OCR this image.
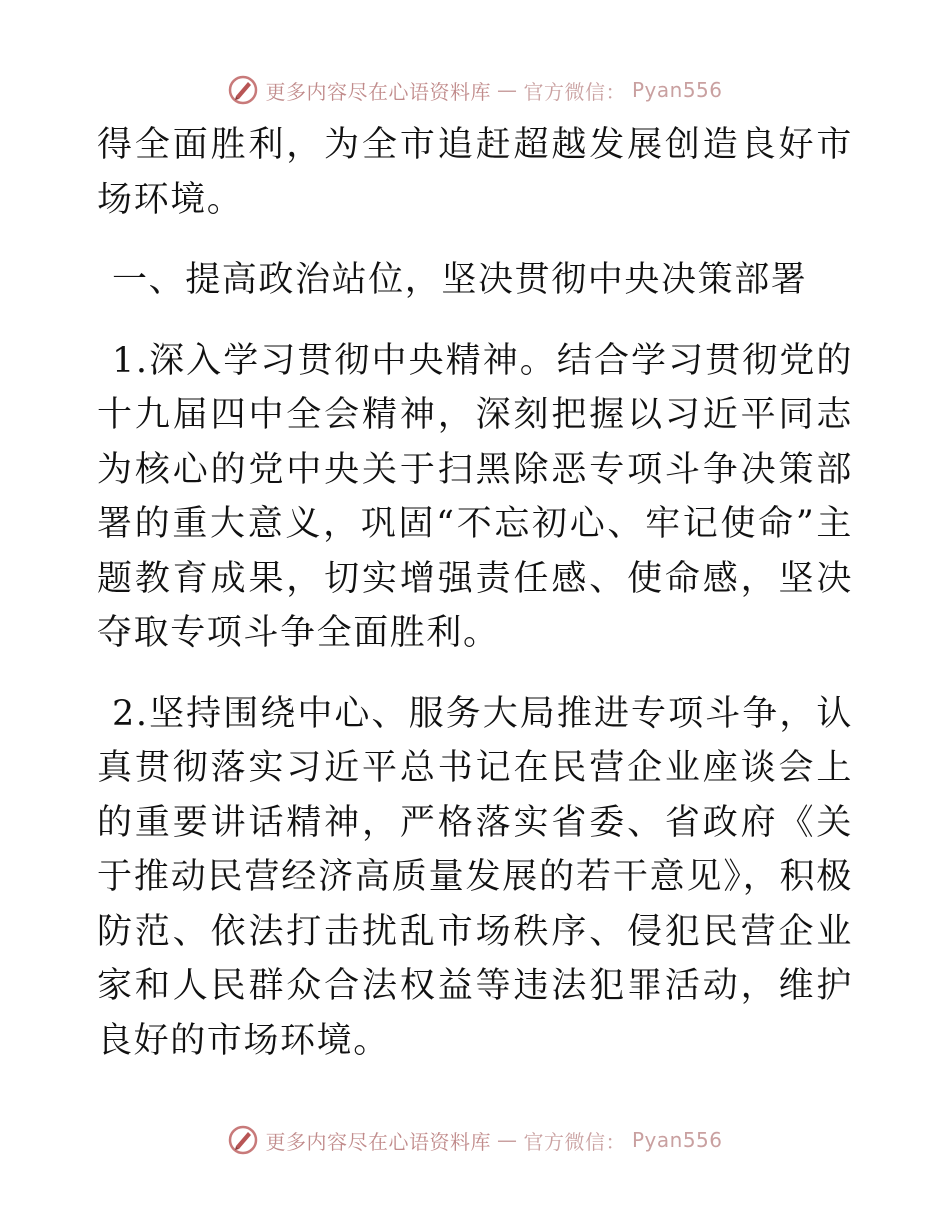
更多内容尽在心语资料库 — 官方微信： Pyan556

得全面胜利，为全市追赶超越发展创造良好市场环境。

一、提高政治站位，坚决贯彻中央决策部署

1.深入学习贯彻中央精神。结合学习贯彻党的十九届四中全会精神，深刻把握以习近平同志为核心的党中央关于扫黑除恶专项斗争决策部署的重大意义，巩固“不忘初心、牢记使命”主题教育成果，切实增强责任感、使命感，坚决夺取专项斗争全面胜利。

2.坚持围绕中心、服务大局推进专项斗争，认真贯彻落实习近平总书记在民营企业座谈会上的重要讲话精神，严格落实省委、省政府《关于推动民营经济高质量发展的若干意见》，积极防范、依法打击扰乱市场秩序、侵犯民营企业家和人民群众合法权益等违法犯罪活动，维护良好的市场环境。

更多内容尽在心语资料库 — 官方微信： Pyan556
